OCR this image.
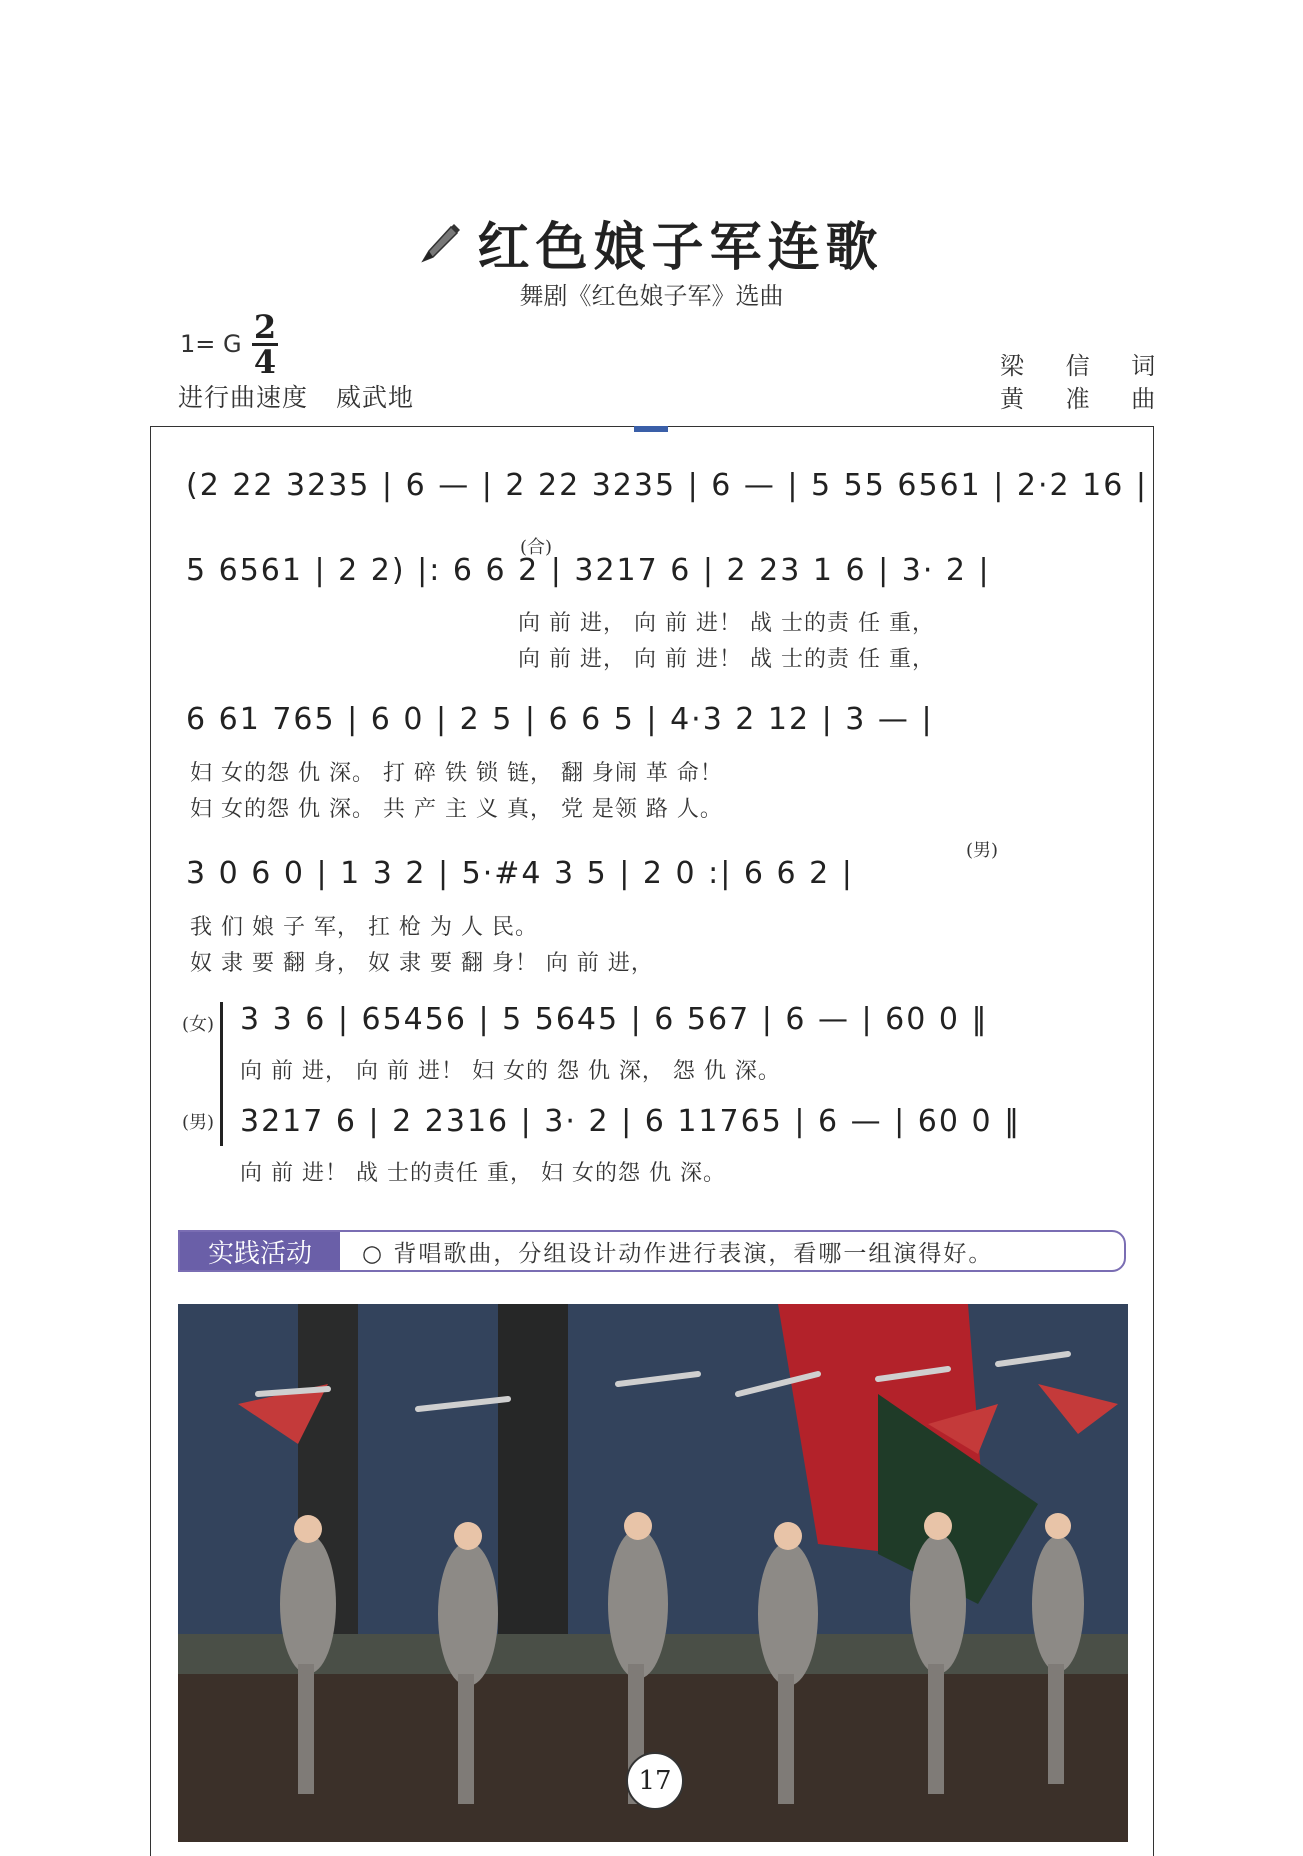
红色娘子军连歌
舞剧《红色娘子军》选曲
1= G 2
4
进行曲速度 威武地
梁 信 词
黄 准 曲
(2 22 3235 | 6 — | 2 22 3235 | 6 — | 5 55 6561 | 2·2 16 |
(合)
5 6561 | 2 2) |: 6 6 2 | 3217 6 | 2 23 1 6 | 3· 2 |
向 前 进， 向 前 进！ 战 士的责 任 重，
向 前 进， 向 前 进！ 战 士的责 任 重，
6 61 765 | 6 0 | 2 5 | 6 6 5 | 4·3 2 12 | 3 — |
妇 女的怨 仇 深。 打 碎 铁 锁 链， 翻 身闹 革 命！
妇 女的怨 仇 深。 共 产 主 义 真， 党 是领 路 人。
(男)
3 0 6 0 | 1 3 2 | 5·#4 3 5 | 2 0 :| 6 6 2 |
我 们 娘 子 军， 扛 枪 为 人 民。
奴 隶 要 翻 身， 奴 隶 要 翻 身！ 向 前 进，
(女) 3 3 6 | 65456 | 5 5645 | 6 567 | 6 — | 60 0 ‖
向 前 进， 向 前 进！ 妇 女的 怨 仇 深， 怨 仇 深。
(男) 3217 6 | 2 2316 | 3· 2 | 6 11765 | 6 — | 60 0 ‖
向 前 进！ 战 士的责任 重， 妇 女的怨 仇 深。
实践活动	○ 背唱歌曲，分组设计动作进行表演，看哪一组演得好。
17
